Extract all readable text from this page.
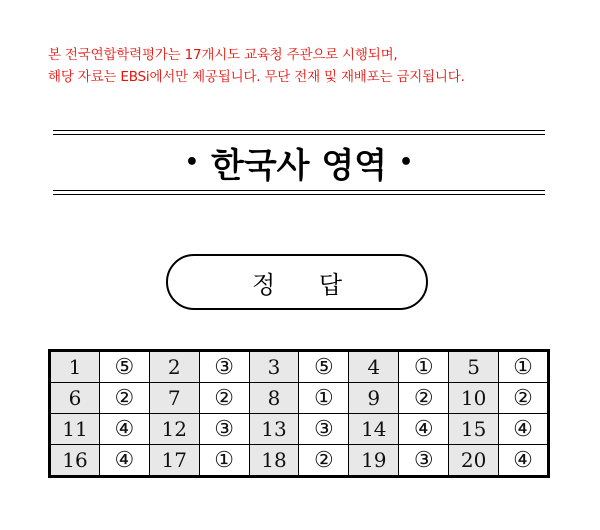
본 전국연합학력평가는 17개시도 교육청 주관으로 시행되며,
해당 자료는 EBSi에서만 제공됩니다. 무단 전재 및 재배포는 금지됩니다.
• 한국사 영역 •
정 답
1	⑤	2	③	3	⑤	4	①	5	①
6	②	7	②	8	①	9	②	10	②
11	④	12	③	13	③	14	④	15	④
16	④	17	①	18	②	19	③	20	④
